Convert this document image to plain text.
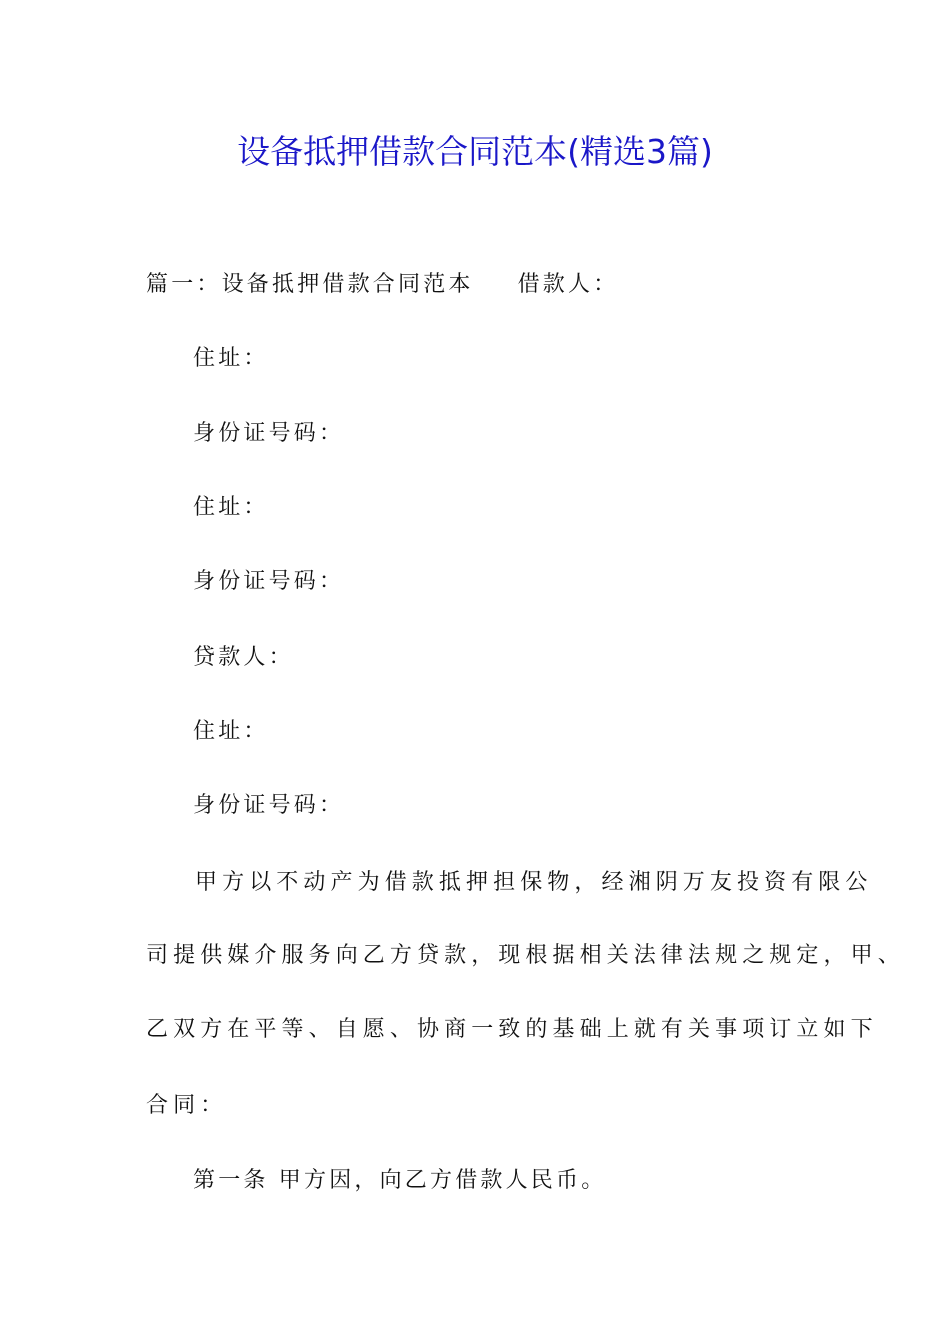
设备抵押借款合同范本(精选3篇)
篇一：设备抵押借款合同范本 借款人：
住址：
身份证号码：
住址：
身份证号码：
贷款人：
住址：
身份证号码：
甲方以不动产为借款抵押担保物，经湘阴万友投资有限公
司提供媒介服务向乙方贷款，现根据相关法律法规之规定，甲、
乙双方在平等、自愿、协商一致的基础上就有关事项订立如下
合同：
第一条 甲方因，向乙方借款人民币。
